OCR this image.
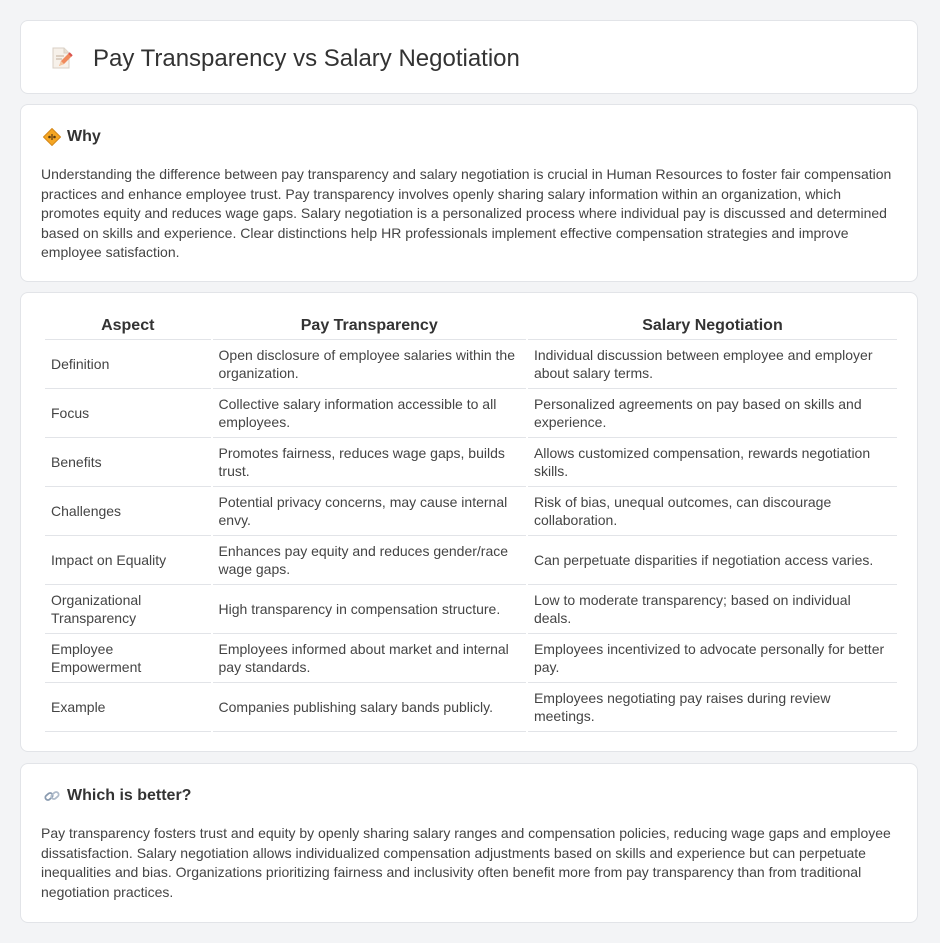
Pay Transparency vs Salary Negotiation
Why

Understanding the difference between pay transparency and salary negotiation is crucial in Human Resources to foster fair compensation practices and enhance employee trust. Pay transparency involves openly sharing salary information within an organization, which promotes equity and reduces wage gaps. Salary negotiation is a personalized process where individual pay is discussed and determined based on skills and experience. Clear distinctions help HR professionals implement effective compensation strategies and improve employee satisfaction.

Aspect	Pay Transparency	Salary Negotiation
Definition	Open disclosure of employee salaries within the organization.	Individual discussion between employee and employer about salary terms.
Focus	Collective salary information accessible to all employees.	Personalized agreements on pay based on skills and experience.
Benefits	Promotes fairness, reduces wage gaps, builds trust.	Allows customized compensation, rewards negotiation skills.
Challenges	Potential privacy concerns, may cause internal envy.	Risk of bias, unequal outcomes, can discourage collaboration.
Impact on Equality	Enhances pay equity and reduces gender/race wage gaps.	Can perpetuate disparities if negotiation access varies.
Organizational Transparency	High transparency in compensation structure.	Low to moderate transparency; based on individual deals.
Employee Empowerment	Employees informed about market and internal pay standards.	Employees incentivized to advocate personally for better pay.
Example	Companies publishing salary bands publicly.	Employees negotiating pay raises during review meetings.
Which is better?

Pay transparency fosters trust and equity by openly sharing salary ranges and compensation policies, reducing wage gaps and employee dissatisfaction. Salary negotiation allows individualized compensation adjustments based on skills and experience but can perpetuate inequalities and bias. Organizations prioritizing fairness and inclusivity often benefit more from pay transparency than from traditional negotiation practices.
